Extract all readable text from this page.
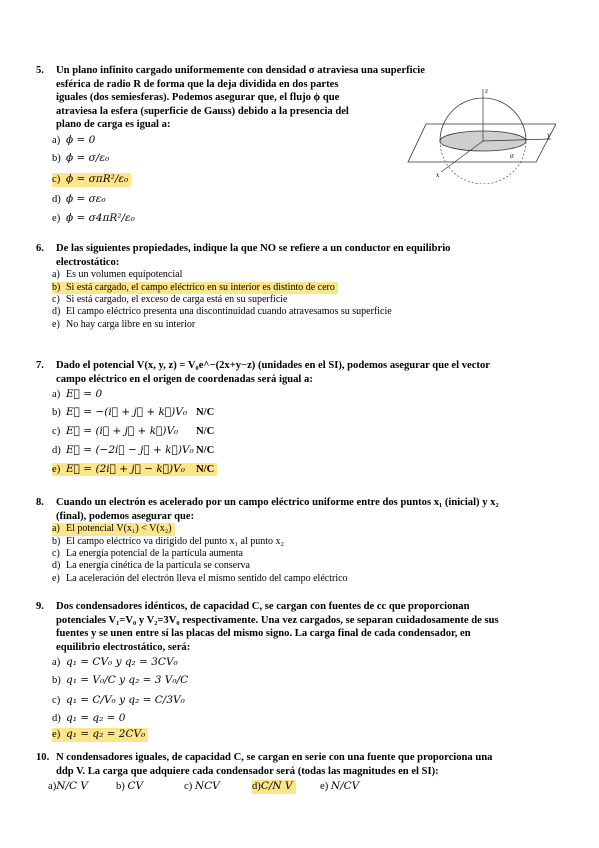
5. Un plano infinito cargado uniformemente con densidad σ atraviesa una superficie
esférica de radio R de forma que la deja dividida en dos partes
iguales (dos semiesferas). Podemos asegurar que, el flujo ϕ que
atraviesa la esfera (superficie de Gauss) debido a la presencia del
plano de carga es igual a:
a) ϕ = 0
b) ϕ = σ/ε₀
c) ϕ = σπR²/ε₀
d) ϕ = σε₀
e) ϕ = σ4πR²/ε₀
z
y
x
σ
6. De las siguientes propiedades, indique la que NO se refiere a un conductor en equilibrio
electrostático:
a) Es un volumen equipotencial
b) Si está cargado, el campo eléctrico en su interior es distinto de cero
c) Si está cargado, el exceso de carga está en su superficie
d) El campo eléctrico presenta una discontinuidad cuando atravesamos su superficie
e) No hay carga libre en su interior
7. Dado el potencial V(x, y, z) = V₀e^−(2x+y−z) (unidades en el SI), podemos asegurar que el vector
campo eléctrico en el origen de coordenadas será igual a:
a) E⃗ = 0
b) E⃗ = −(i⃗ + j⃗ + k⃗)V₀ N/C
c) E⃗ = (i⃗ + j⃗ + k⃗)V₀	N/C
d) E⃗ = (−2i⃗ − j⃗ + k⃗)V₀ N/C
e) E⃗ = (2i⃗ + j⃗ − k⃗)V₀ N/C
8. Cuando un electrón es acelerado por un campo eléctrico uniforme entre dos puntos x₁ (inicial) y x₂
(final), podemos asegurar que:
a) El potencial V(x₁) < V(x₂)
b) El campo eléctrico va dirigido del punto x₁ al punto x₂
c) La energía potencial de la partícula aumenta
d) La energía cinética de la partícula se conserva
e) La aceleración del electrón lleva el mismo sentido del campo eléctrico
9. Dos condensadores idénticos, de capacidad C, se cargan con fuentes de cc que proporcionan
potenciales V₁=V₀ y V₂=3V₀ respectivamente. Una vez cargados, se separan cuidadosamente de sus
fuentes y se unen entre sí las placas del mismo signo. La carga final de cada condensador, en
equilibrio electrostático, será:
a) q₁ = CV₀ y q₂ = 3CV₀
b) q₁ = V₀/C y q₂ = 3 V₀/C
c) q₁ = C/V₀ y q₂ = C/3V₀
d) q₁ = q₂ = 0
e) q₁ = q₂ = 2CV₀
10. N condensadores iguales, de capacidad C, se cargan en serie con una fuente que proporciona una
ddp V. La carga que adquiere cada condensador será (todas las magnitudes en el SI):
a)N/C V	b) CV	c) NCV	d)C/N V	e) N/CV
